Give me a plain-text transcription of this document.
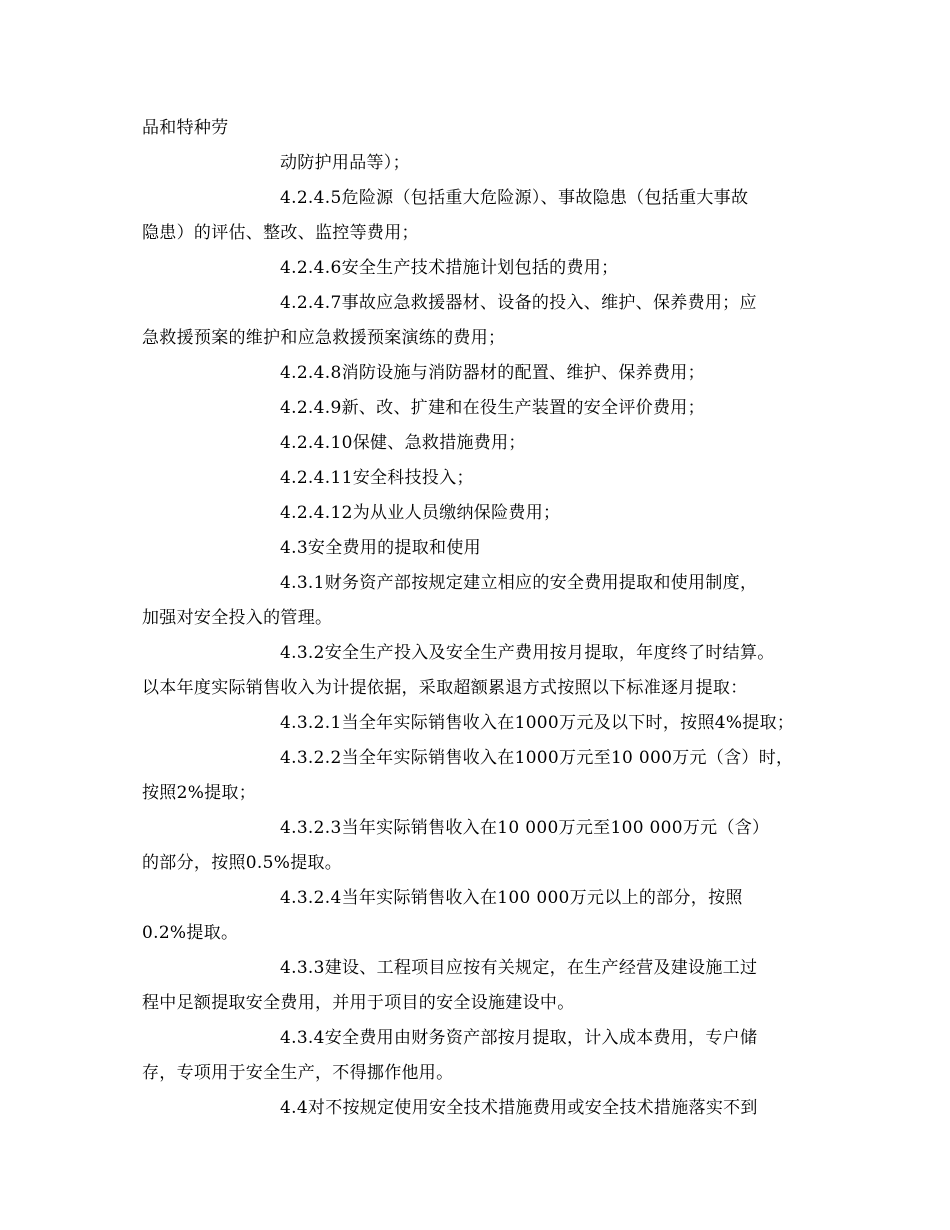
品和特种劳
动防护用品等）；
4.2.4.5危险源（包括重大危险源）、事故隐患（包括重大事故
隐患）的评估、整改、监控等费用；
4.2.4.6安全生产技术措施计划包括的费用；
4.2.4.7事故应急救援器材、设备的投入、维护、保养费用；应
急救援预案的维护和应急救援预案演练的费用；
4.2.4.8消防设施与消防器材的配置、维护、保养费用；
4.2.4.9新、改、扩建和在役生产装置的安全评价费用；
4.2.4.10保健、急救措施费用；
4.2.4.11安全科技投入；
4.2.4.12为从业人员缴纳保险费用；
4.3安全费用的提取和使用
4.3.1财务资产部按规定建立相应的安全费用提取和使用制度，
加强对安全投入的管理。
4.3.2安全生产投入及安全生产费用按月提取，年度终了时结算。
以本年度实际销售收入为计提依据，采取超额累退方式按照以下标准逐月提取：
4.3.2.1当全年实际销售收入在1000万元及以下时，按照4%提取；
4.3.2.2当全年实际销售收入在1000万元至10 000万元（含）时，
按照2%提取；
4.3.2.3当年实际销售收入在10 000万元至100 000万元（含）
的部分，按照0.5%提取。
4.3.2.4当年实际销售收入在100 000万元以上的部分，按照
0.2%提取。
4.3.3建设、工程项目应按有关规定，在生产经营及建设施工过
程中足额提取安全费用，并用于项目的安全设施建设中。
4.3.4安全费用由财务资产部按月提取，计入成本费用，专户储
存，专项用于安全生产，不得挪作他用。
4.4对不按规定使用安全技术措施费用或安全技术措施落实不到
